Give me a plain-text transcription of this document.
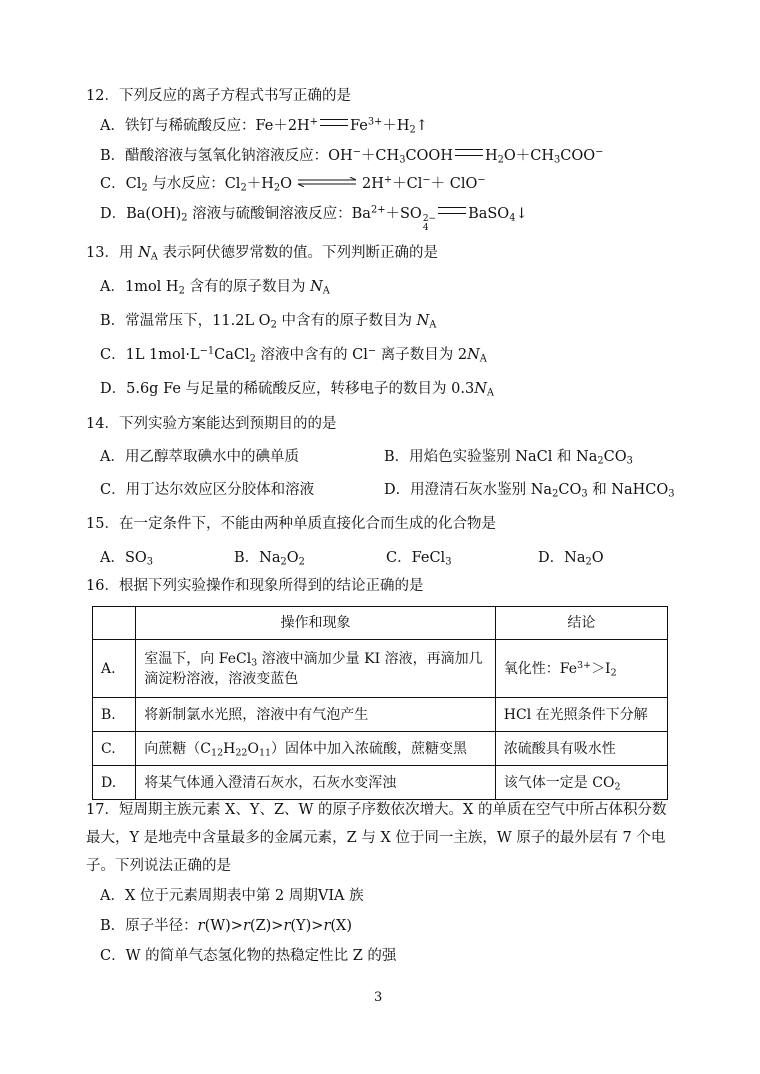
12．下列反应的离子方程式书写正确的是
A．铁钉与稀硫酸反应：Fe＋2H+ $Fe^{3+}+H_2↑$
B．醋酸溶液与氢氧化钠溶液反应：$OH^-+CH_3COOH$ $H_2O+CH_3COO^-$
C．$Cl_2$ 与水反应：$Cl_2+H_2O$	2H+＋Cl−＋ ClO−
D．$Ba(OH)_2$ 溶液与硫酸铜溶液反应：$Ba^{2+}+SO$ 2−
4
BaSO$_4$↓
13．用 $N_A$ 表示阿伏德罗常数的值。下列判断正确的是
A．1mol $H_2$ 含有的原子数目为 $N_A$
B．常温常压下，11.2L $O_2$ 中含有的原子数目为 $N_A$
C．1L $1mol\cdot L^{-1}CaCl_2$ 溶液中含有的 Cl− 离子数目为 $2N_A$
D．5.6g Fe 与足量的稀硫酸反应，转移电子的数目为 $0.3N_A$
14．下列实验方案能达到预期目的的是
A．用乙醇萃取碘水中的碘单质	B．用焰色实验鉴别 NaCl 和 $Na_2CO_3$
C．用丁达尔效应区分胶体和溶液	D．用澄清石灰水鉴别 $Na_2CO_3$ 和 NaHCO$_3$
15．在一定条件下，不能由两种单质直接化合而生成的化合物是
A．$SO_3$	B．$Na_2O_2$	C．FeCl$_3$	D．$Na_2O$
16．根据下列实验操作和现象所得到的结论正确的是
	操作和现象	结论
A.	室温下，向 FeCl$_3$ 溶液中滴加少量 KI 溶液，再滴加几滴淀粉溶液，溶液变蓝色	氧化性：$Fe^{3+}>I_2$
B.	将新制氯水光照，溶液中有气泡产生	HCl 在光照条件下分解
C.	向蔗糖$(C_{12}H_{22}O_{11})$固体中加入浓硫酸，蔗糖变黑	浓硫酸具有吸水性
D.	将某气体通入澄清石灰水，石灰水变浑浊	该气体一定是 $CO_2$
17．短周期主族元素 X、Y、Z、W 的原子序数依次增大。X 的单质在空气中所占体积分数
最大，Y 是地壳中含量最多的金属元素，Z 与 X 位于同一主族，W 原子的最外层有 7 个电
子。下列说法正确的是
A．X 位于元素周期表中第 2 周期VIA 族
B．原子半径：r(W)>r(Z)>r(Y)>r(X)
C．W 的简单气态氢化物的热稳定性比 Z 的强
3
